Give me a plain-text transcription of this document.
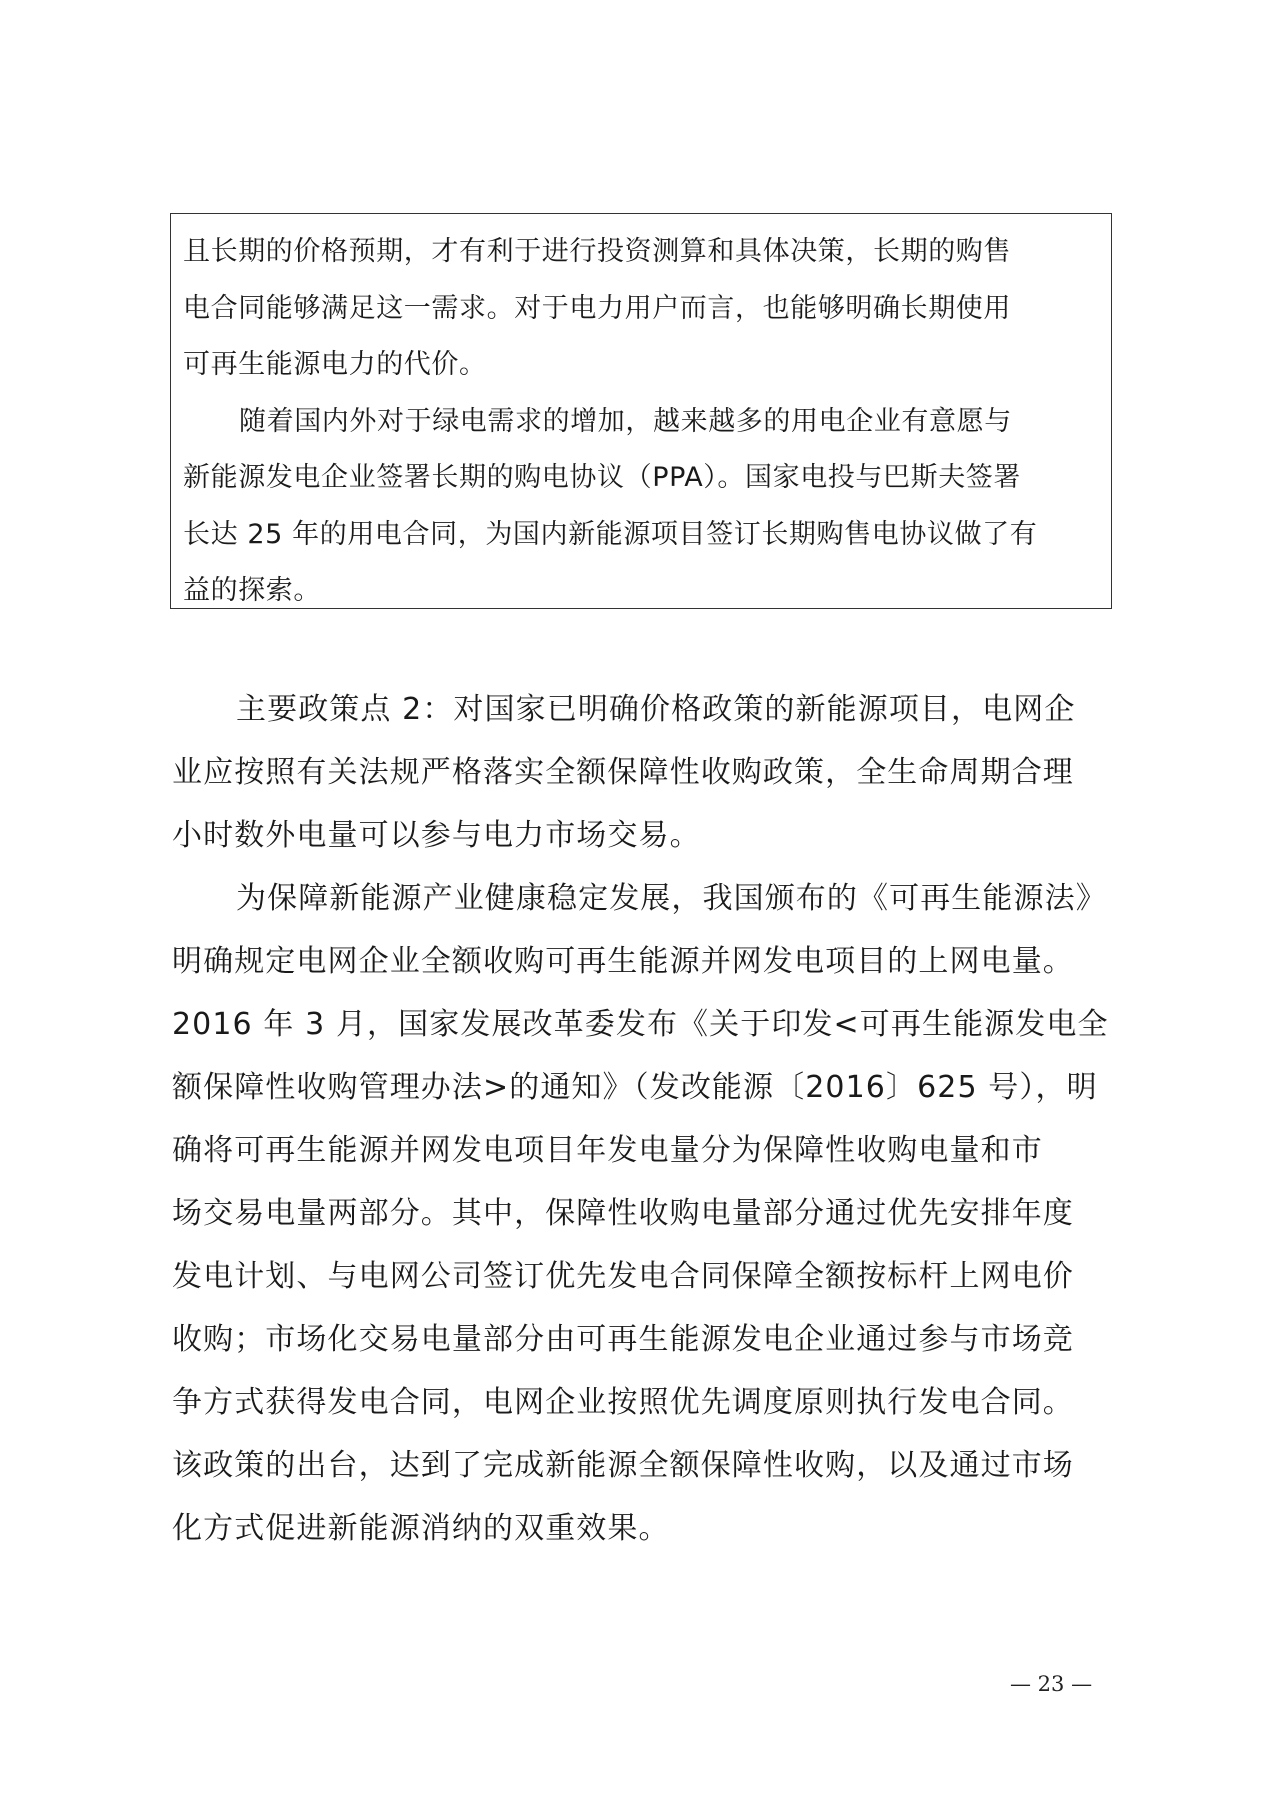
且长期的价格预期，才有利于进行投资测算和具体决策，长期的购售
电合同能够满足这一需求。对于电力用户而言，也能够明确长期使用
可再生能源电力的代价。
随着国内外对于绿电需求的增加，越来越多的用电企业有意愿与
新能源发电企业签署长期的购电协议（PPA）。国家电投与巴斯夫签署
长达 25 年的用电合同，为国内新能源项目签订长期购售电协议做了有
益的探索。
主要政策点 2：对国家已明确价格政策的新能源项目，电网企
业应按照有关法规严格落实全额保障性收购政策，全生命周期合理
小时数外电量可以参与电力市场交易。
为保障新能源产业健康稳定发展，我国颁布的《可再生能源法》
明确规定电网企业全额收购可再生能源并网发电项目的上网电量。
2016 年 3 月，国家发展改革委发布《关于印发<可再生能源发电全
额保障性收购管理办法>的通知》（发改能源〔2016〕625 号），明
确将可再生能源并网发电项目年发电量分为保障性收购电量和市
场交易电量两部分。其中，保障性收购电量部分通过优先安排年度
发电计划、与电网公司签订优先发电合同保障全额按标杆上网电价
收购；市场化交易电量部分由可再生能源发电企业通过参与市场竞
争方式获得发电合同，电网企业按照优先调度原则执行发电合同。
该政策的出台，达到了完成新能源全额保障性收购，以及通过市场
化方式促进新能源消纳的双重效果。
— 23 —
